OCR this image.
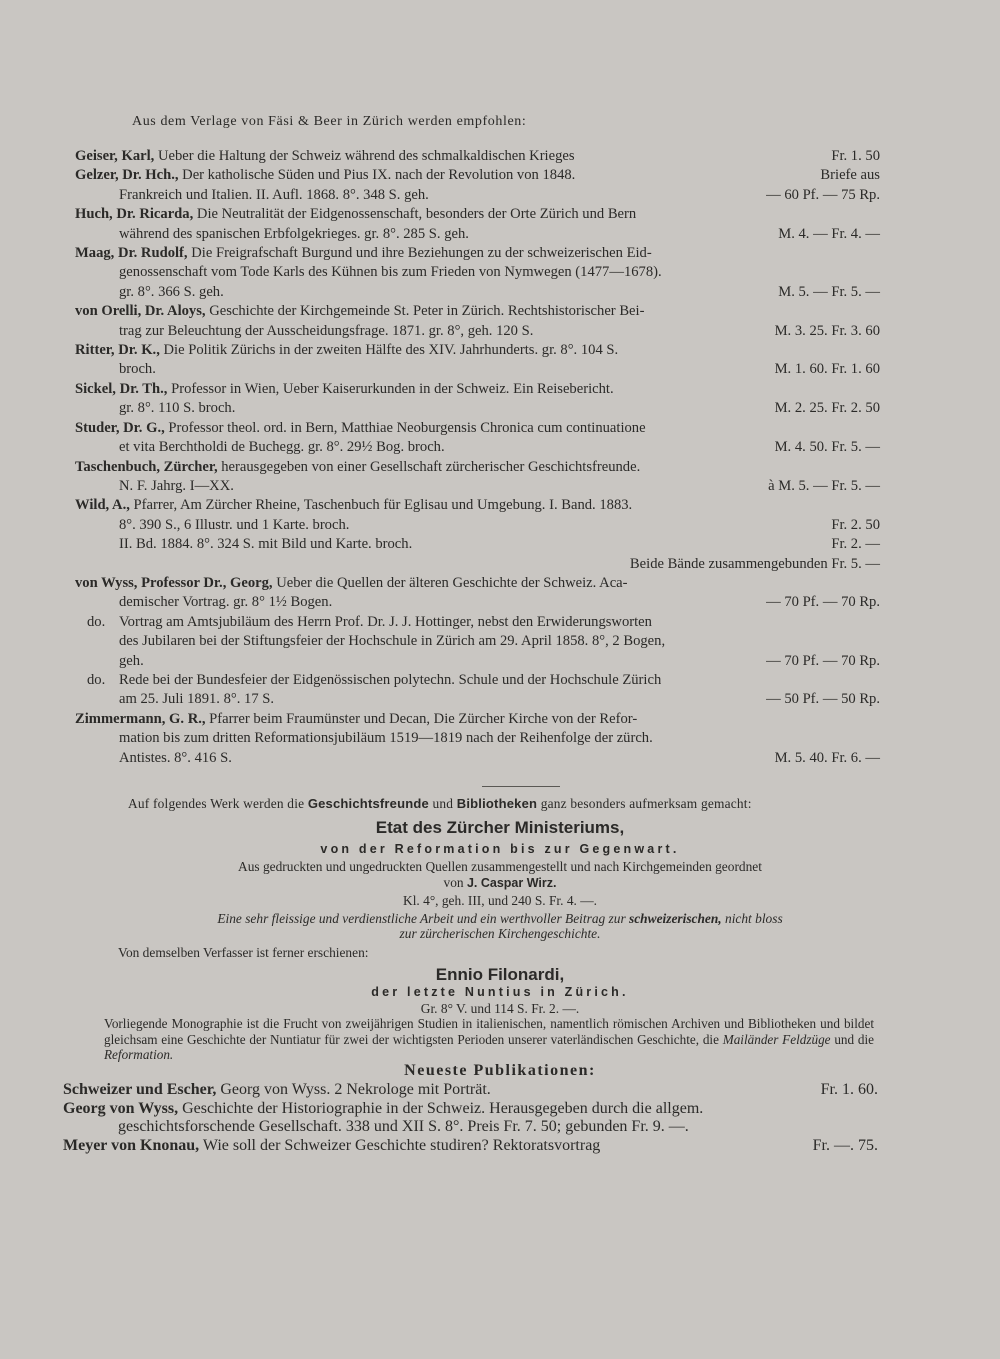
Aus dem Verlage von Fäsi & Beer in Zürich werden empfohlen:
Geiser, Karl, Ueber die Haltung der Schweiz während des schmalkaldischen Krieges	Fr. 1. 50
Gelzer, Dr. Hch., Der katholische Süden und Pius IX. nach der Revolution von 1848.	Briefe aus
Frankreich und Italien. II. Aufl. 1868. 8°. 348 S. geh.	— 60 Pf. — 75 Rp.
Huch, Dr. Ricarda, Die Neutralität der Eidgenossenschaft, besonders der Orte Zürich und Bern
während des spanischen Erbfolgekrieges. gr. 8°. 285 S. geh.	M. 4. — Fr. 4. —
Maag, Dr. Rudolf, Die Freigrafschaft Burgund und ihre Beziehungen zu der schweizerischen Eid-
genossenschaft vom Tode Karls des Kühnen bis zum Frieden von Nymwegen (1477—1678).
gr. 8°. 366 S. geh.	M. 5. — Fr. 5. —
von Orelli, Dr. Aloys, Geschichte der Kirchgemeinde St. Peter in Zürich. Rechtshistorischer Bei-
trag zur Beleuchtung der Ausscheidungsfrage. 1871. gr. 8°, geh. 120 S.	M. 3. 25. Fr. 3. 60
Ritter, Dr. K., Die Politik Zürichs in der zweiten Hälfte des XIV. Jahrhunderts. gr. 8°. 104 S.
broch.	M. 1. 60. Fr. 1. 60
Sickel, Dr. Th., Professor in Wien, Ueber Kaiserurkunden in der Schweiz. Ein Reisebericht.
gr. 8°. 110 S. broch.	M. 2. 25. Fr. 2. 50
Studer, Dr. G., Professor theol. ord. in Bern, Matthiae Neoburgensis Chronica cum continuatione
et vita Berchtholdi de Buchegg. gr. 8°. 29½ Bog. broch.	M. 4. 50. Fr. 5. —
Taschenbuch, Zürcher, herausgegeben von einer Gesellschaft zürcherischer Geschichtsfreunde.
N. F. Jahrg. I—XX.	à M. 5. — Fr. 5. —
Wild, A., Pfarrer, Am Zürcher Rheine, Taschenbuch für Eglisau und Umgebung. I. Band. 1883.
8°. 390 S., 6 Illustr. und 1 Karte. broch.	Fr. 2. 50
II. Bd. 1884. 8°. 324 S. mit Bild und Karte. broch.	Fr. 2. —
Beide Bände zusammengebunden Fr. 5. —
von Wyss, Professor Dr., Georg, Ueber die Quellen der älteren Geschichte der Schweiz. Aca-
demischer Vortrag. gr. 8° 1½ Bogen.	— 70 Pf. — 70 Rp.
do. Vortrag am Amtsjubiläum des Herrn Prof. Dr. J. J. Hottinger, nebst den Erwiderungsworten
des Jubilaren bei der Stiftungsfeier der Hochschule in Zürich am 29. April 1858. 8°, 2 Bogen,
geh.	— 70 Pf. — 70 Rp.
do. Rede bei der Bundesfeier der Eidgenössischen polytechn. Schule und der Hochschule Zürich
am 25. Juli 1891. 8°. 17 S.	— 50 Pf. — 50 Rp.
Zimmermann, G. R., Pfarrer beim Fraumünster und Decan, Die Zürcher Kirche von der Refor-
mation bis zum dritten Reformationsjubiläum 1519—1819 nach der Reihenfolge der zürch.
Antistes. 8°. 416 S.	M. 5. 40. Fr. 6. —
Auf folgendes Werk werden die Geschichtsfreunde und Bibliotheken ganz besonders aufmerksam gemacht:
Etat des Zürcher Ministeriums,
von der Reformation bis zur Gegenwart.
Aus gedruckten und ungedruckten Quellen zusammengestellt und nach Kirchgemeinden geordnet
von J. Caspar Wirz.
Kl. 4°, geh. III, und 240 S. Fr. 4. —.
Eine sehr fleissige und verdienstliche Arbeit und ein werthvoller Beitrag zur schweizerischen, nicht bloss
zur zürcherischen Kirchengeschichte.
Von demselben Verfasser ist ferner erschienen:
Ennio Filonardi,
der letzte Nuntius in Zürich.
Gr. 8° V. und 114 S. Fr. 2. —.
Vorliegende Monographie ist die Frucht von zweijährigen Studien in italienischen, namentlich römischen Archiven und Bibliotheken und bildet gleichsam eine Geschichte der Nuntiatur für zwei der wichtigsten Perioden unserer vaterländischen Geschichte, die Mailänder Feldzüge und die Reformation.
Neueste Publikationen:
Schweizer und Escher, Georg von Wyss. 2 Nekrologe mit Porträt.	Fr. 1. 60.
Georg von Wyss, Geschichte der Historiographie in der Schweiz. Herausgegeben durch die allgem.
geschichtsforschende Gesellschaft. 338 und XII S. 8°. Preis Fr. 7. 50; gebunden Fr. 9. —.
Meyer von Knonau, Wie soll der Schweizer Geschichte studiren? Rektoratsvortrag	Fr. —. 75.
